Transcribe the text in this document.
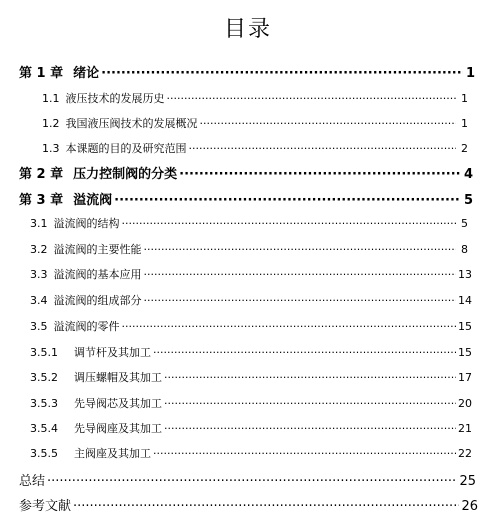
目录
第 1 章 绪论 ·····	1
1.1 液压技术的发展历史 ·····	1
1.2 我国液压阀技术的发展概况 ·····	1
1.3 本课题的目的及研究范围 ·····	2
第 2 章 压力控制阀的分类 ·····	4
第 3 章 溢流阀 ·····	5
3.1 溢流阀的结构 ·····	5
3.2 溢流阀的主要性能 ·····	8
3.3 溢流阀的基本应用 ·····	13
3.4 溢流阀的组成部分 ·····	14
3.5 溢流阀的零件 ·····	15
3.5.1	调节杆及其加工 ·····	15
3.5.2	调压螺帽及其加工 ·····	17
3.5.3	先导阀芯及其加工 ·····	20
3.5.4	先导阀座及其加工 ·····	21
3.5.5	主阀座及其加工 ·····	22
总结 ·····	25
参考文献 ·····	26
